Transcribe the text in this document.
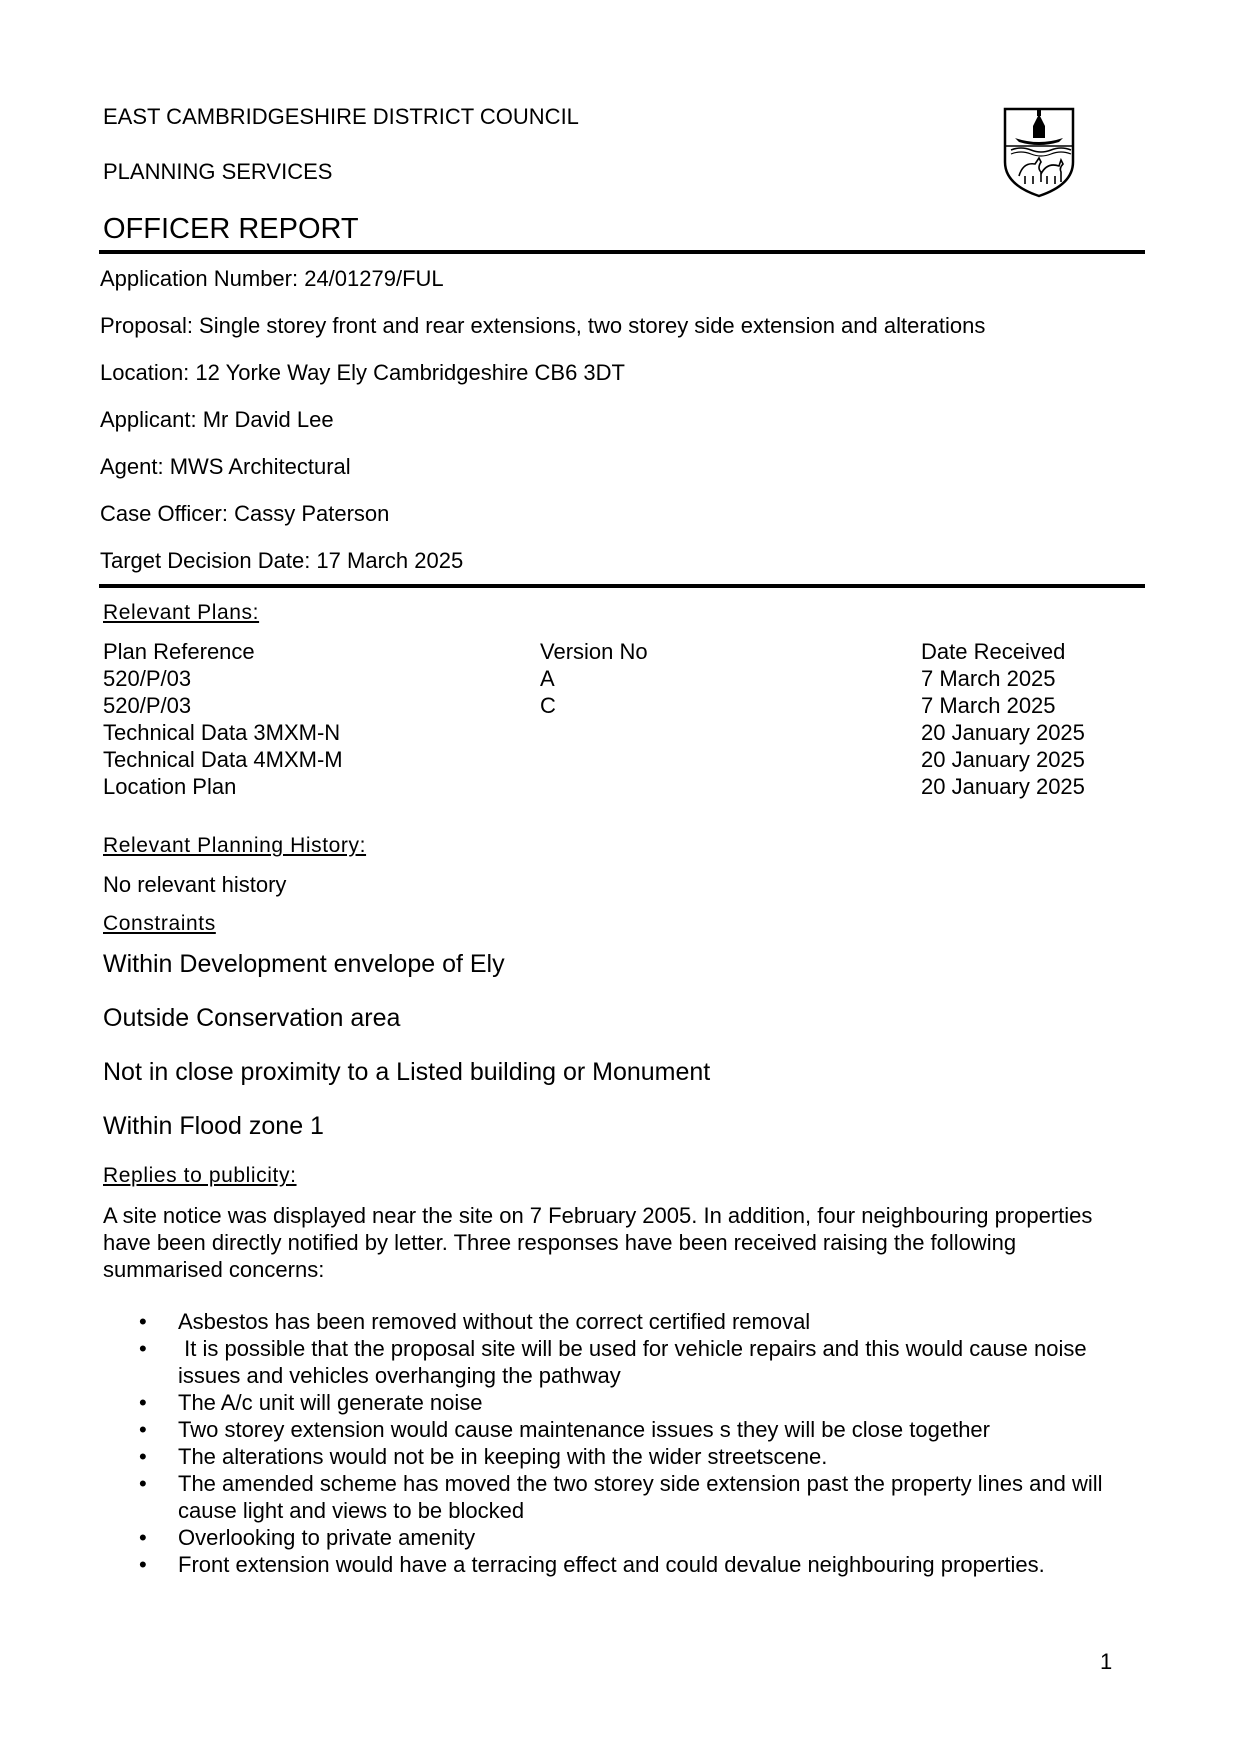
EAST CAMBRIDGESHIRE DISTRICT COUNCIL
PLANNING SERVICES
OFFICER REPORT
Application Number: 24/01279/FUL
Proposal: Single storey front and rear extensions, two storey side extension and alterations
Location: 12 Yorke Way Ely Cambridgeshire CB6 3DT
Applicant: Mr David Lee
Agent: MWS Architectural
Case Officer: Cassy Paterson
Target Decision Date: 17 March 2025
Relevant Plans:
Plan Reference	Version No	Date Received
520/P/03	A	7 March 2025
520/P/03	C	7 March 2025
Technical Data 3MXM-N	20 January 2025
Technical Data 4MXM-M	20 January 2025
Location Plan	20 January 2025
Relevant Planning History:
No relevant history
Constraints
Within Development envelope of Ely
Outside Conservation area
Not in close proximity to a Listed building or Monument
Within Flood zone 1
Replies to publicity:
A site notice was displayed near the site on 7 February 2005. In addition, four neighbouring properties have been directly notified by letter. Three responses have been received raising the following summarised concerns:
• Asbestos has been removed without the correct certified removal
•  It is possible that the proposal site will be used for vehicle repairs and this would cause noise issues and vehicles overhanging the pathway
• The A/c unit will generate noise
• Two storey extension would cause maintenance issues s they will be close together
• The alterations would not be in keeping with the wider streetscene.
• The amended scheme has moved the two storey side extension past the property lines and will cause light and views to be blocked
• Overlooking to private amenity
• Front extension would have a terracing effect and could devalue neighbouring properties.
1
